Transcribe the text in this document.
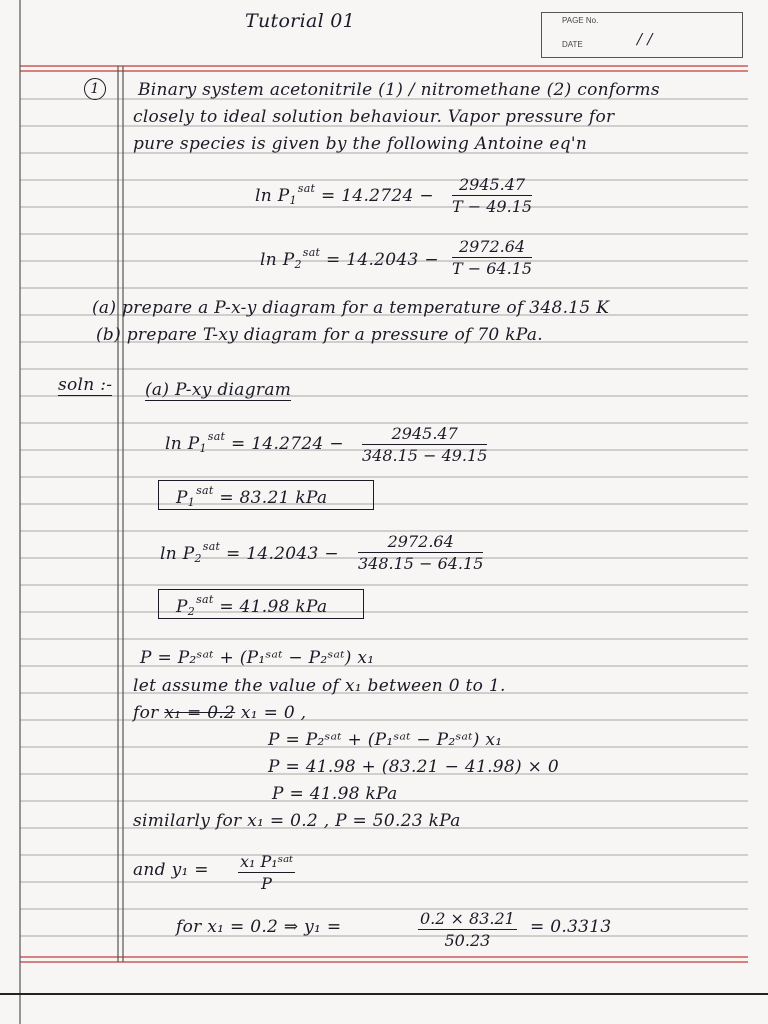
Tutorial 01	PAGE No.
DATE	/ /
1	Binary system acetonitrile (1) / nitromethane (2) conforms
closely to ideal solution behaviour. Vapor pressure for
pure species is given by the following Antoine eq'n
$\ln P_1^{sat} = 14.2724 - \frac{2945.47}{T - 49.15}$
$\ln P_2^{sat} = 14.2043 - \frac{2972.64}{T - 64.15}$
(a) prepare a P-x-y diagram for a temperature of 348.15 K
(b) prepare T-xy diagram for a pressure of 70 kPa.
soln :- (a) P-xy diagram
$\ln P_1^{sat} = 14.2724 - \frac{2945.47}{348.15 - 49.15}$
$P_1^{sat} = 83.21$ kPa
$\ln P_2^{sat} = 14.2043 - \frac{2972.64}{348.15 - 64.15}$
$P_2^{sat} = 41.98$ kPa
P = P₂ˢᵃᵗ + (P₁ˢᵃᵗ − P₂ˢᵃᵗ) x₁
let assume the value of x₁ between 0 to 1.
for x₁ = 0.2 x₁ = 0 ,
P = P₂ˢᵃᵗ + (P₁ˢᵃᵗ − P₂ˢᵃᵗ) x₁
P = 41.98 + (83.21 − 41.98) × 0
P = 41.98 kPa
similarly for x₁ = 0.2 , P = 50.23 kPa
and y₁ = x₁ P₁ˢᵃᵗ
P
for x₁ = 0.2 ⇒ y₁ =	$\frac{0.2 \times 83.21}{50.23} = 0.3313$
